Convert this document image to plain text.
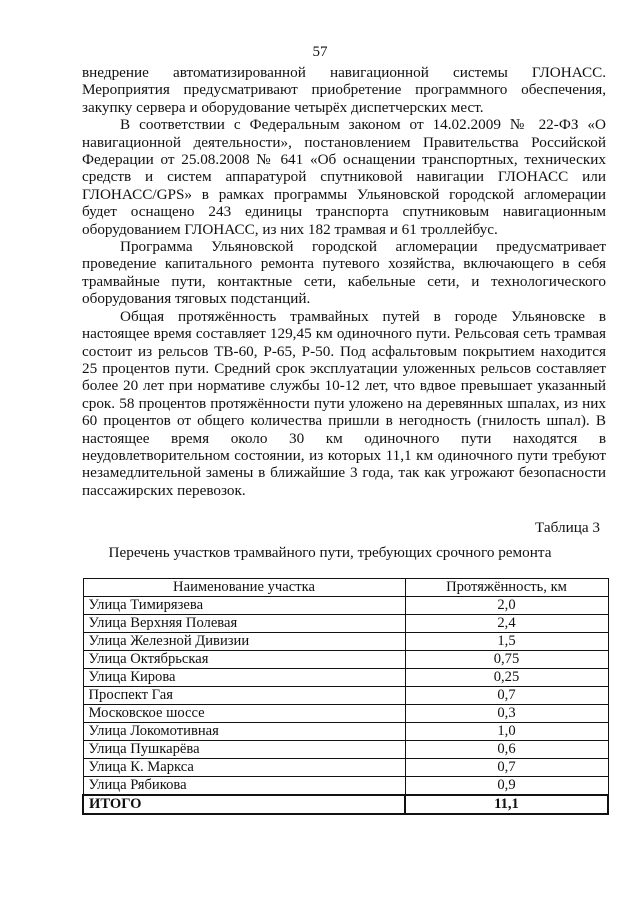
57

внедрение автоматизированной навигационной системы ГЛОНАСС. Мероприятия предусматривают приобретение программного обеспечения, закупку сервера и оборудование четырёх диспетчерских мест.

В соответствии с Федеральным законом от 14.02.2009 № 22-ФЗ «О навигационной деятельности», постановлением Правительства Российской Федерации от 25.08.2008 № 641 «Об оснащении транспортных, технических средств и систем аппаратурой спутниковой навигации ГЛОНАСС или ГЛОНАСС/GPS» в рамках программы Ульяновской городской агломерации будет оснащено 243 единицы транспорта спутниковым навигационным оборудованием ГЛОНАСС, из них 182 трамвая и 61 троллейбус.

Программа Ульяновской городской агломерации предусматривает проведение капитального ремонта путевого хозяйства, включающего в себя трамвайные пути, контактные сети, кабельные сети, и технологического оборудования тяговых подстанций.

Общая протяжённость трамвайных путей в городе Ульяновске в настоящее время составляет 129,45 км одиночного пути. Рельсовая сеть трамвая состоит из рельсов ТВ-60, Р-65, Р-50. Под асфальтовым покрытием находится 25 процентов пути. Средний срок эксплуатации уложенных рельсов составляет более 20 лет при нормативе службы 10-12 лет, что вдвое превышает указанный срок. 58 процентов протяжённости пути уложено на деревянных шпалах, из них 60 процентов от общего количества пришли в негодность (гнилость шпал). В настоящее время около 30 км одиночного пути находятся в неудовлетворительном состоянии, из которых 11,1 км одиночного пути требуют незамедлительной замены в ближайшие 3 года, так как угрожают безопасности пассажирских перевозок.

Таблица 3
Перечень участков трамвайного пути, требующих срочного ремонта
Наименование участка	Протяжённость, км
Улица Тимирязева	2,0
Улица Верхняя Полевая	2,4
Улица Железной Дивизии	1,5
Улица Октябрьская	0,75
Улица Кирова	0,25
Проспект Гая	0,7
Московское шоссе	0,3
Улица Локомотивная	1,0
Улица Пушкарёва	0,6
Улица К. Маркса	0,7
Улица Рябикова	0,9
ИТОГО	11,1
